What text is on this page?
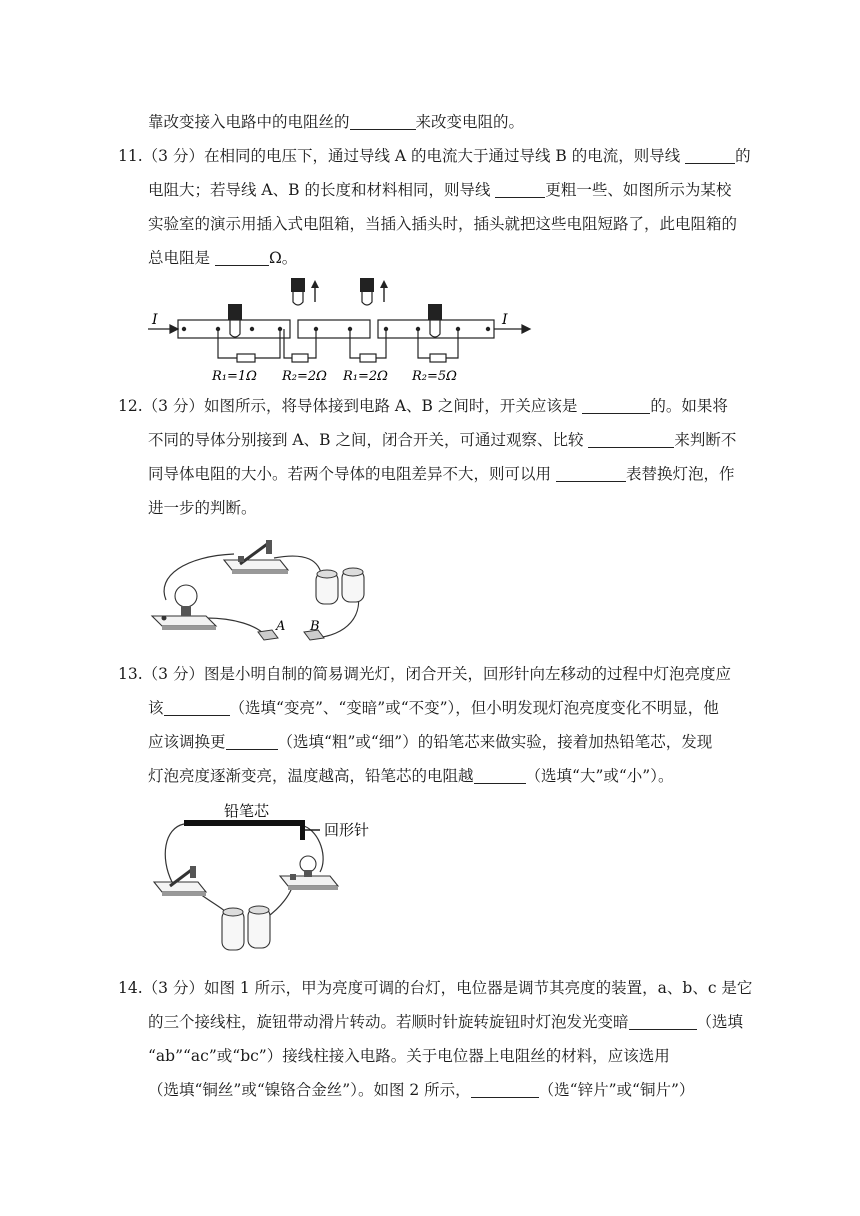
靠改变接入电路中的电阻丝的	来改变电阻的。
11.（3 分）在相同的电压下，通过导线 A 的电流大于通过导线 B 的电流，则导线	的
电阻大；若导线 A、B 的长度和材料相同，则导线	更粗一些、如图所示为某校
实验室的演示用插入式电阻箱，当插入插头时，插头就把这些电阻短路了，此电阻箱的
总电阻是	Ω。
I	I
R₁=1Ω R₂=2Ω R₁=2Ω R₂=5Ω
12.（3 分）如图所示，将导体接到电路 A、B 之间时，开关应该是	的。如果将
不同的导体分别接到 A、B 之间，闭合开关，可通过观察、比较	来判断不
同导体电阻的大小。若两个导体的电阻差异不大，则可以用	表替换灯泡，作
进一步的判断。
A B
13.（3 分）图是小明自制的简易调光灯，闭合开关，回形针向左移动的过程中灯泡亮度应
该	（选填“变亮”、“变暗”或“不变”），但小明发现灯泡亮度变化不明显，他
应该调换更	（选填“粗”或“细”）的铅笔芯来做实验，接着加热铅笔芯，发现
灯泡亮度逐渐变亮，温度越高，铅笔芯的电阻越	（选填“大”或“小”）。
铅笔芯
回形针
14.（3 分）如图 1 所示，甲为亮度可调的台灯，电位器是调节其亮度的装置，a、b、c 是它
的三个接线柱，旋钮带动滑片转动。若顺时针旋转旋钮时灯泡发光变暗	（选填
“ab”“ac”或“bc”）接线柱接入电路。关于电位器上电阻丝的材料，应该选用
（选填“铜丝”或“镍铬合金丝”）。如图 2 所示，	（选“锌片”或“铜片”）
